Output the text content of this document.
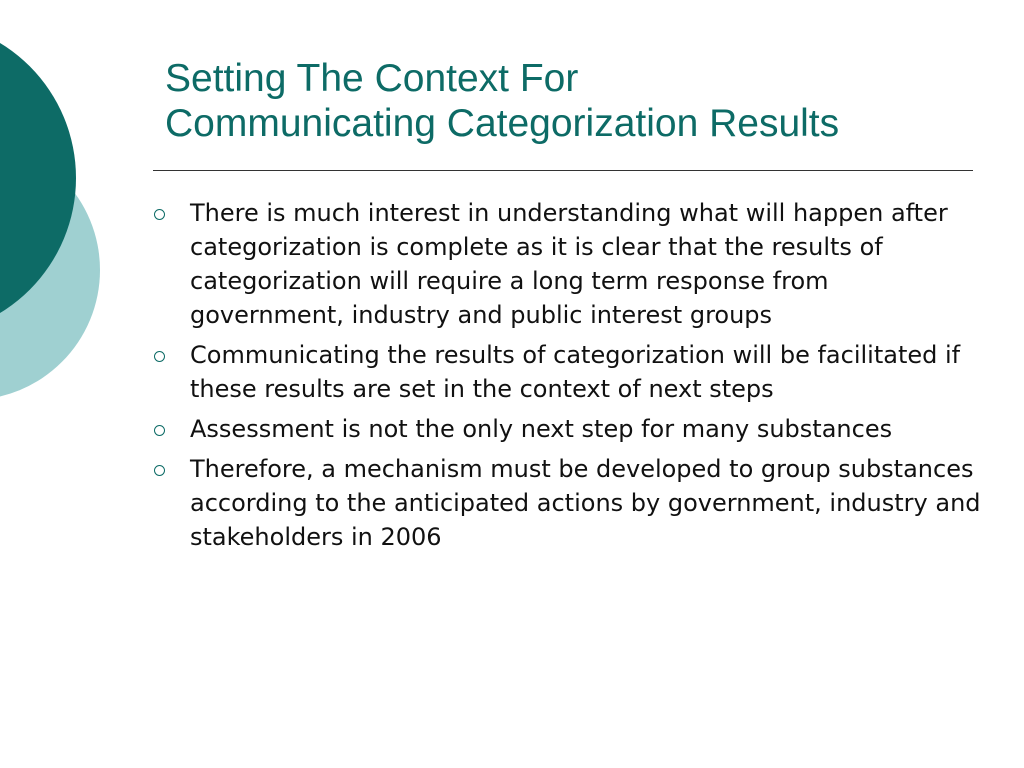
Setting The Context For
Communicating Categorization Results
There is much interest in understanding what will happen after categorization is complete as it is clear that the results of categorization will require a long term response from government, industry and public interest groups
Communicating the results of categorization will be facilitated if these results are set in the context of next steps
Assessment is not the only next step for many substances
Therefore, a mechanism must be developed to group substances according to the anticipated actions by government, industry and stakeholders in 2006
